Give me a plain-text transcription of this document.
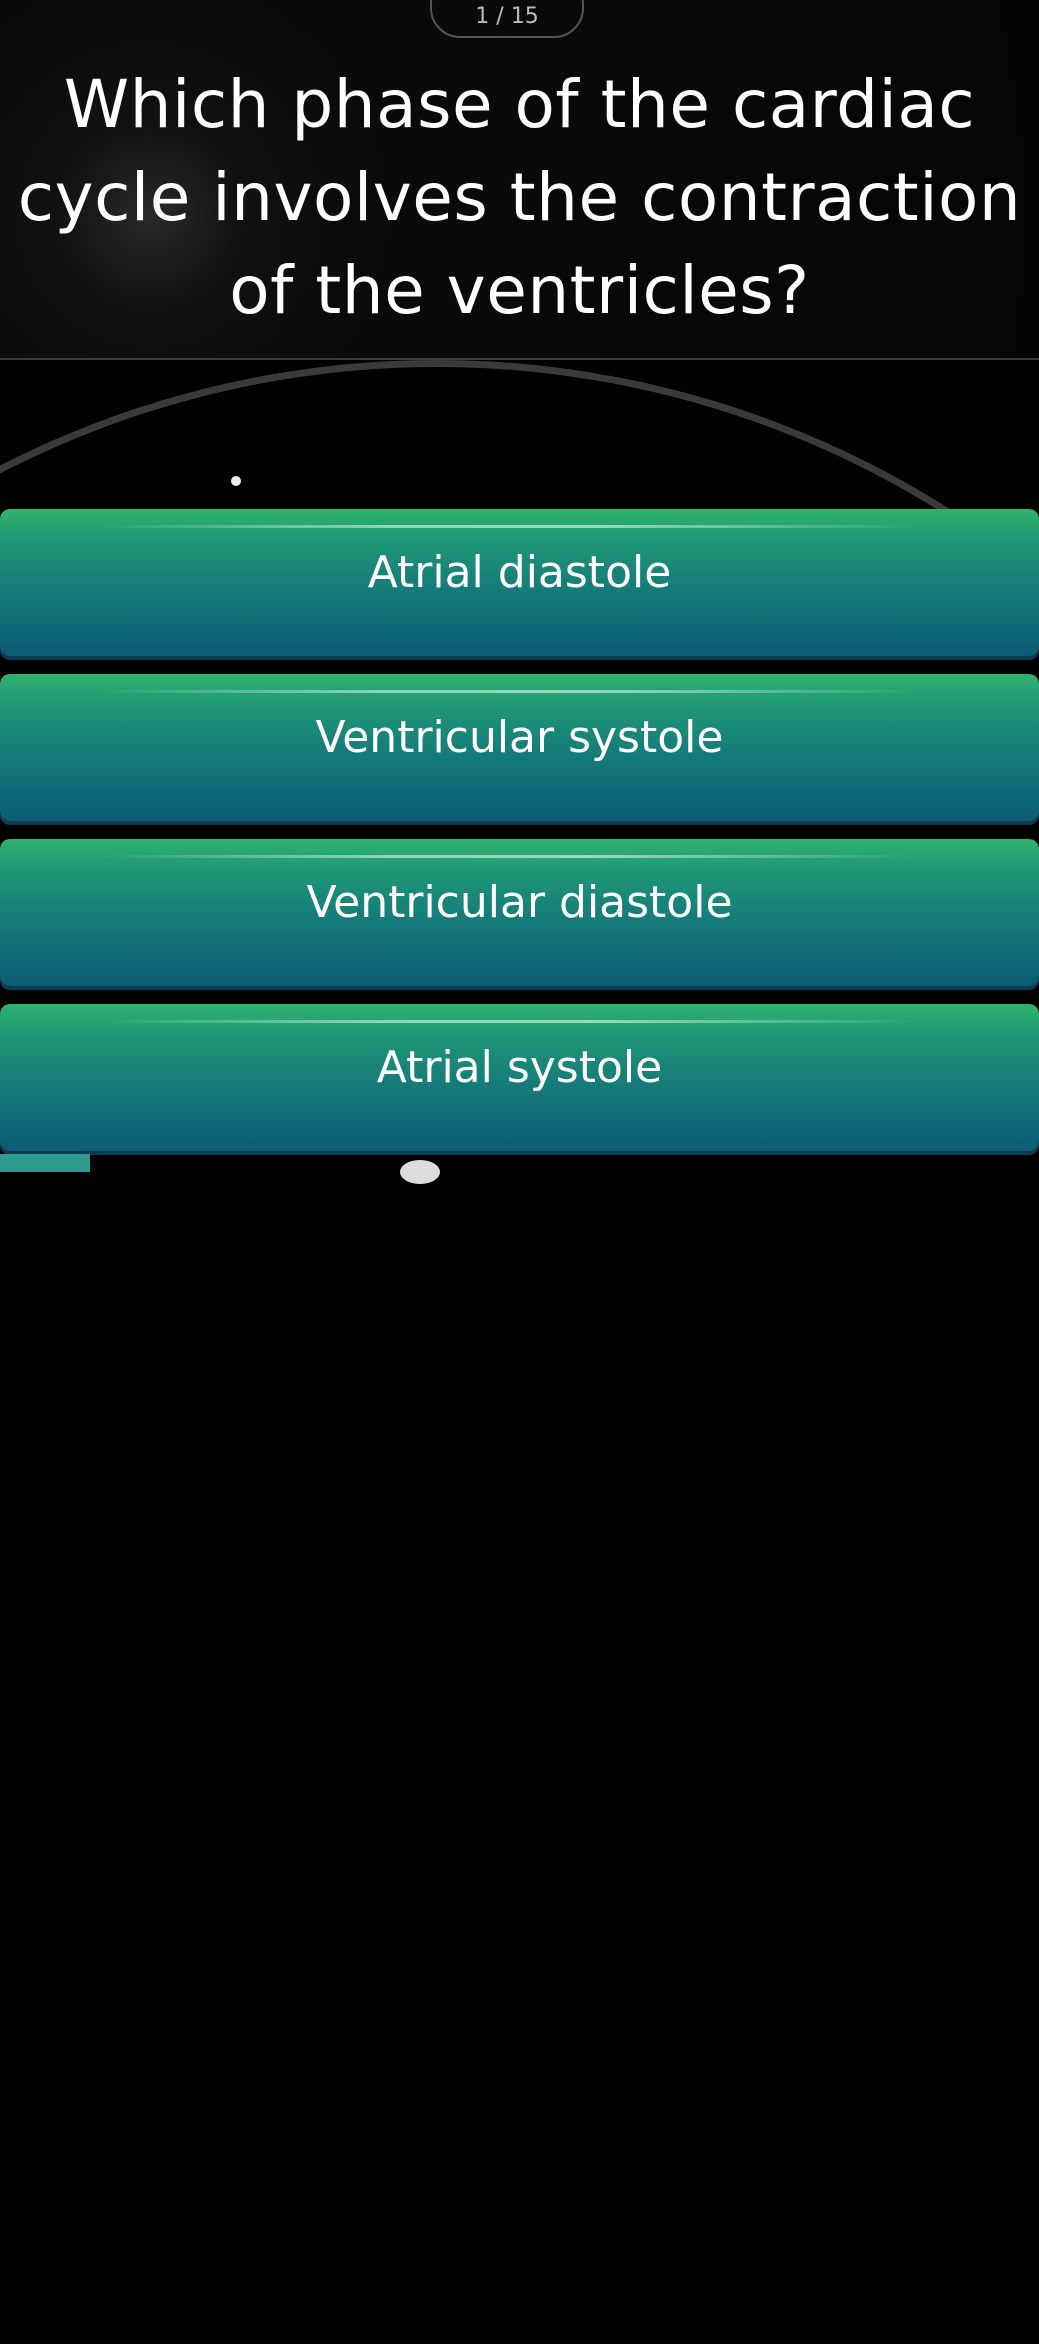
1 / 15
Which phase of the cardiac cycle involves the contraction of the ventricles?
Atrial diastole
Ventricular systole
Ventricular diastole
Atrial systole
